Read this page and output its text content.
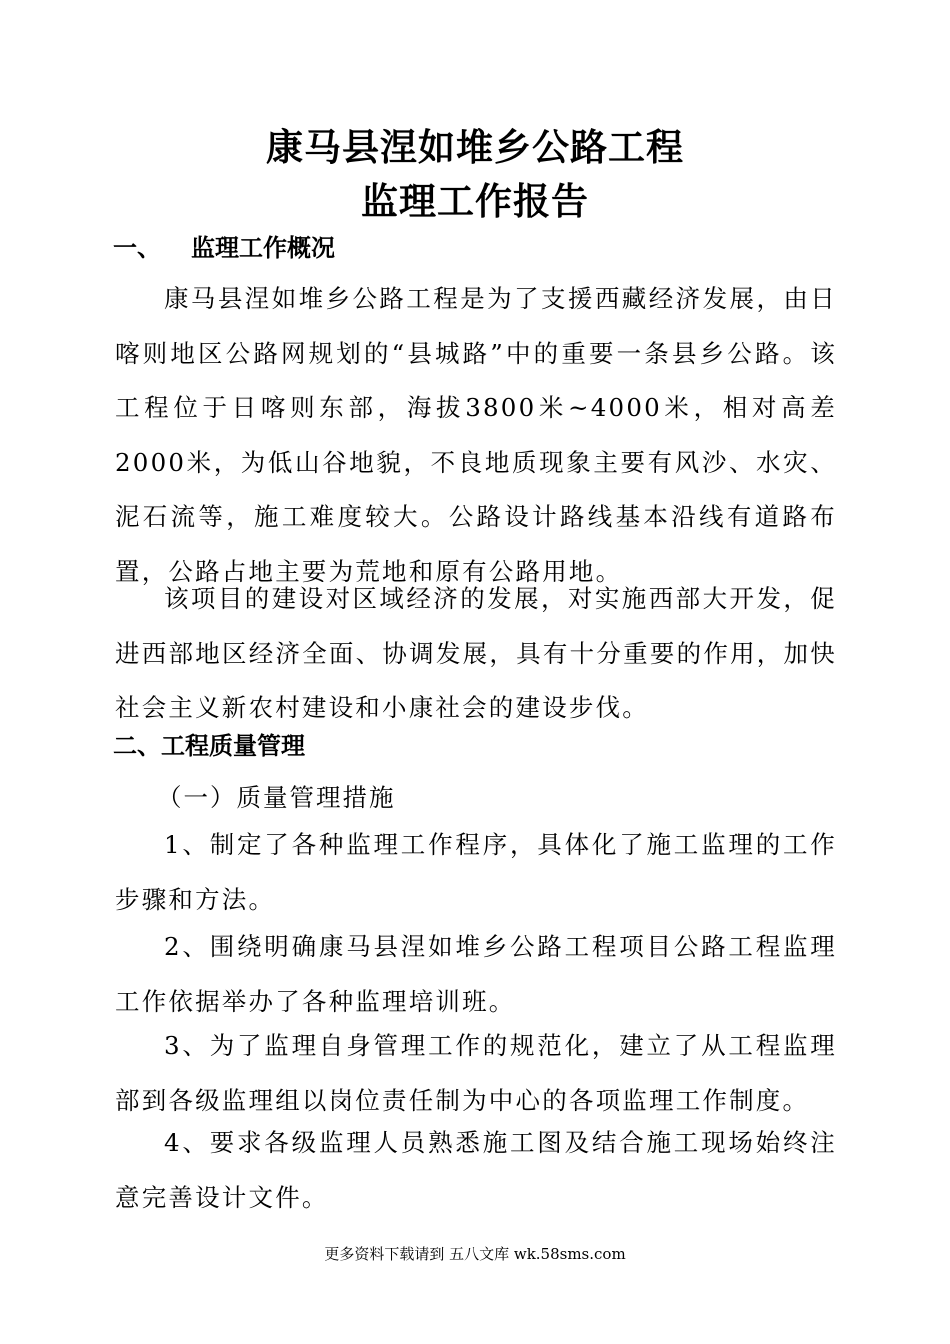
康马县涅如堆乡公路工程
监理工作报告
一、 监理工作概况
康马县涅如堆乡公路工程是为了支援西藏经济发展，由日喀则地区公路网规划的“县城路”中的重要一条县乡公路。该工程位于日喀则东部，海拔3800米~4000米，相对高差2000米，为低山谷地貌，不良地质现象主要有风沙、水灾、泥石流等，施工难度较大。公路设计路线基本沿线有道路布置，公路占地主要为荒地和原有公路用地。
该项目的建设对区域经济的发展，对实施西部大开发，促进西部地区经济全面、协调发展，具有十分重要的作用，加快社会主义新农村建设和小康社会的建设步伐。
二、工程质量管理
（一）质量管理措施
1、制定了各种监理工作程序，具体化了施工监理的工作步骤和方法。
2、围绕明确康马县涅如堆乡公路工程项目公路工程监理工作依据举办了各种监理培训班。
3、为了监理自身管理工作的规范化，建立了从工程监理部到各级监理组以岗位责任制为中心的各项监理工作制度。
4、要求各级监理人员熟悉施工图及结合施工现场始终注意完善设计文件。
更多资料下载请到 五八文库 wk.58sms.com
